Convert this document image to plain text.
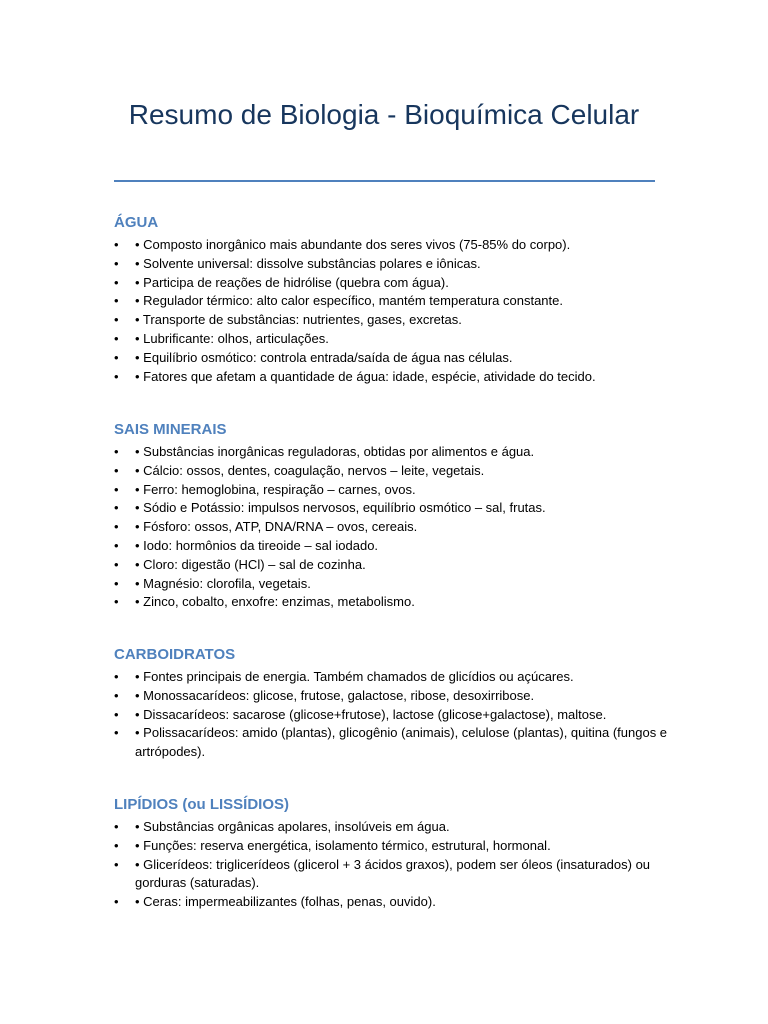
Resumo de Biologia - Bioquímica Celular
ÁGUA
• • Composto inorgânico mais abundante dos seres vivos (75-85% do corpo).
• • Solvente universal: dissolve substâncias polares e iônicas.
• • Participa de reações de hidrólise (quebra com água).
• • Regulador térmico: alto calor específico, mantém temperatura constante.
• • Transporte de substâncias: nutrientes, gases, excretas.
• • Lubrificante: olhos, articulações.
• • Equilíbrio osmótico: controla entrada/saída de água nas células.
• • Fatores que afetam a quantidade de água: idade, espécie, atividade do tecido.
SAIS MINERAIS
• • Substâncias inorgânicas reguladoras, obtidas por alimentos e água.
• • Cálcio: ossos, dentes, coagulação, nervos – leite, vegetais.
• • Ferro: hemoglobina, respiração – carnes, ovos.
• • Sódio e Potássio: impulsos nervosos, equilíbrio osmótico – sal, frutas.
• • Fósforo: ossos, ATP, DNA/RNA – ovos, cereais.
• • Iodo: hormônios da tireoide – sal iodado.
• • Cloro: digestão (HCl) – sal de cozinha.
• • Magnésio: clorofila, vegetais.
• • Zinco, cobalto, enxofre: enzimas, metabolismo.
CARBOIDRATOS
• • Fontes principais de energia. Também chamados de glicídios ou açúcares.
• • Monossacarídeos: glicose, frutose, galactose, ribose, desoxirribose.
• • Dissacarídeos: sacarose (glicose+frutose), lactose (glicose+galactose), maltose.
• • Polissacarídeos: amido (plantas), glicogênio (animais), celulose (plantas), quitina (fungos e artrópodes).
LIPÍDIOS (ou LISSÍDIOS)
• • Substâncias orgânicas apolares, insolúveis em água.
• • Funções: reserva energética, isolamento térmico, estrutural, hormonal.
• • Glicerídeos: triglicerídeos (glicerol + 3 ácidos graxos), podem ser óleos (insaturados) ou gorduras (saturadas).
• • Ceras: impermeabilizantes (folhas, penas, ouvido).
